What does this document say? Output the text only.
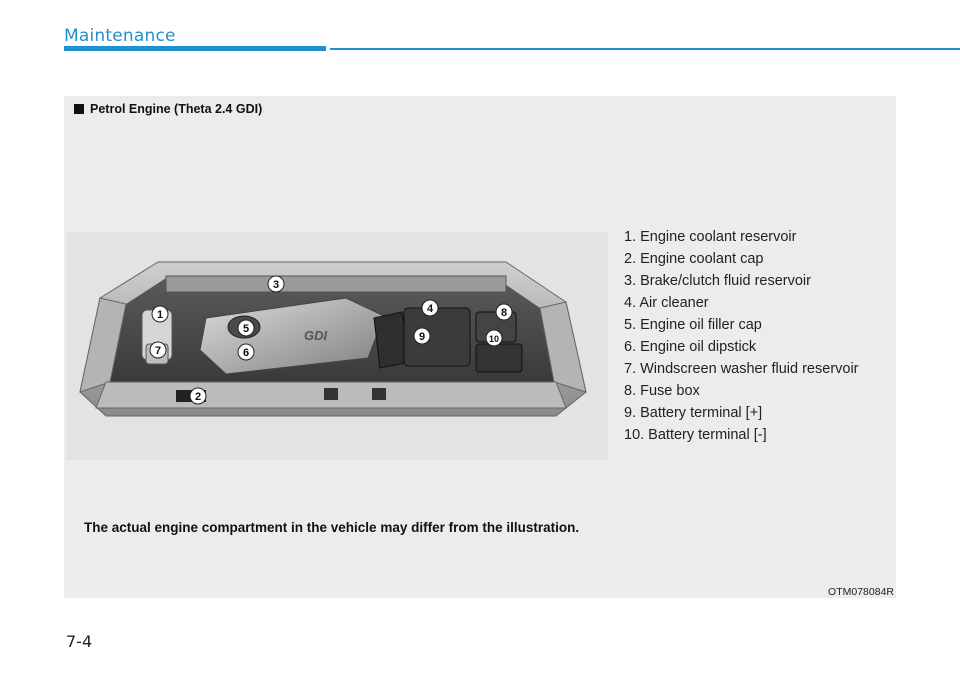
Maintenance
Petrol Engine (Theta 2.4 GDI)
GDI
1
2
3
4
5
6
7
8
9	10
1. Engine coolant reservoir
2. Engine coolant cap
3. Brake/clutch fluid reservoir
4. Air cleaner
5. Engine oil filler cap
6. Engine oil dipstick
7. Windscreen washer fluid reservoir
8. Fuse box
9. Battery terminal [+]
10. Battery terminal [-]
The actual engine compartment in the vehicle may differ from the illustration.
OTM078084R
7-4
